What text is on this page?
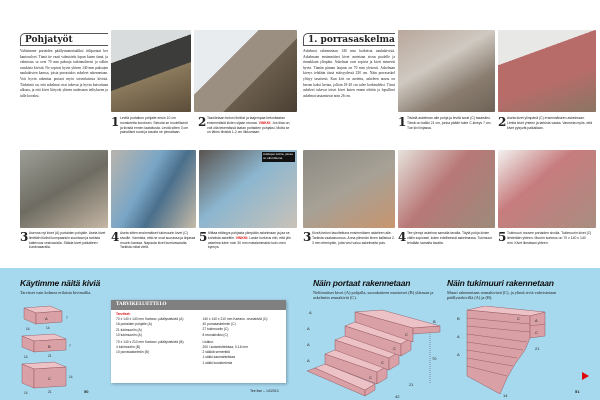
Pohjatyöt
Valitsimme portaiden pääilysmateriaaliksi tiiliportaat ker kantosolvet. Tämä tie vaati valmistelu lopun kuten tämä, ja valmistus sa ovat 70 mm paksuja tutkinnalisesti ja solkin rauskista kivistä. Ne sopivat hyvin yhteen 140 mm paksujen nauhakivien kanssa, joista porrastulos askeleet rakennetaan. Voit hyvin rakentaa portaat myös toisenlaisista kivistä. Tärkeintä on, että askelmat ovat tukevat ja hyvin kuivattuna ulkona, ja että kivet liittyvät yhteen uudestaan teiltykseen ja tulle kovaksi.
1 Levitä portaikon pohjalle ensin 10 cm murskeetta koroksen. Sekoita se huolellisesti ja tiivistä ennen laatoitusta. Levitä sitten 3 cm painolliset sorat ja tasoita ne pinnaltaan.
2 Tasoitetaan betoni tiiviiksi ja laajempaa betonilaatan ensimmäisiä kivien sijaan reunaa. VINKKI: Jos tilaa on, voit olla tekemässä laatan portaiden pohjaksi. Mutta se on lähes tiiviskä 1-2 cm liikkumaan.
Aukkojen kohta, joissa on ollut ikkuna.
3 Asenna nyt kivet (A) portaiden pohjalle. Aseta kivet limittäin tiiviisti kumpaankin suuntaan ja tarkista kaltevuus vesivaa'alla. Sääda kivet paikalleen kumivasaralla.
4 Aseta sitten ensimmäiset tukimuurin kivet (C) sivuille. Varmista, että ne ovat suorassa ja linjassa muurin kanssa. Napauta kivet kumivasaralla. Tarkista mitat vielä.
5 Mittaa etäisyys pohjasta ylimpään askelmaan ja jaa se kohdista askeltiin. VINKKI: Laske korkeus niin, että ylin askelma tulee noin 30 mm matalammaksi kuin oven kynnys.
1. porrasaskelma
Askelmat rakennetaan 140 mm korkeista nauhakivistä. Askelmaan ensimmäiset kivet asetetaan sivun puolelle ja rinnakkain ylöspäin. Askelmat ovat sopivia ja kivet menevät hyvin. Tämän pinnan laajuus on 70 mm yleisesti. Askelman kiveys tehdään tässä etäisyydessä 230 cm. Näin porrasaskel ylittyy tasaisesti. Kun kivi on asetettu, askeleen nousu on kerran kaksi kertaa, jolloin 18-20 cm tulee korkeudeksi. Tässä askeleet tukevat toiset kivet kuten ennen tehtiin ja lopulliset askelmat tasaantuvat noin 26 cm.
1 Tiivistä askelman alle pohja ja levitä sorat (C) tasaisiksi. Tämä on kaikki 21 cm, jonka päälle tulee C-kiveys 7 cm. Tue kivi linjassa.	2 Aseta kivet ylimpänä (C) ensimmäiseen askelmaan. Limita kivet yhteen ja tarkista vaaka. Varmista myös, että kivet pysyvät paikallaan.
3 Kiveä betoni tasoitettuna ensimmäisen askeleen alle. Tarkista vaakasuoruus. Anna ylimmän kiven kallistua 2-3 mm eteenpäin, jotta vesi valuu askelmalta pois.	4 Tee ylempi askelma samalla tavalla. Täytä pohja kivien väliin sopivasti, kuten edellisessä askelmassa. Tukimuuri tehdään samalla tavalla.	5 Tukimuuri nousee portaiden sivulla. Tukimuurin kivet (C) limitetään yhteen. Muurin korkeus on 70 x 140 x 140 mm. Kivet liimataan yhteen.
Käytimme näitä kiviä
Tarvitset vain kolmea erilaista kivimallia.
A
14	14
7
B
14	21
7
C
14	21
14
TARVIKELUETTELO
Tarvitset:
70 x 140 x 140 mm Kartano -päällystekiviä (A)
16 portaiden pohjalle (A)
21 tukimuuriin (A)
10 tukimuuriin (A)
70 x 140 x 210 mm Kartano -päällystekiviä (B):
4 tukimuuriin (B)
10 porrasaskelmiin (B)
140 x 140 x 210 mm Kartano -reunakiviä (C):
40 porrasaskelmiin (C)
27 tukimuuriin (C)
8 reunakiviksi (C)
Lisäksi:
200 l sulamishiekkaa, 0-16 mm
2 säkkiä sementtiä
1 säkki saumahiekkaa
1 säkki kuivabetonia
50	Tee itse – 14/2013
Näin portaat rakennetaan
Neliömäiset kivet (A) pohjalla, suorakaiteen muotoiset (B) ylätasan ja askelmiin reunakiviä (C).
Näin tukimuuri rakennetaan
Muuri rakennetaan reunakivistä (C), ja ylintä riviä vahvistetaan päällystekivillä (A) ja (B).
A
A
A
A
C
C
C
C
B
70
21
42
B
A
A
A
C
C
21
14
51
